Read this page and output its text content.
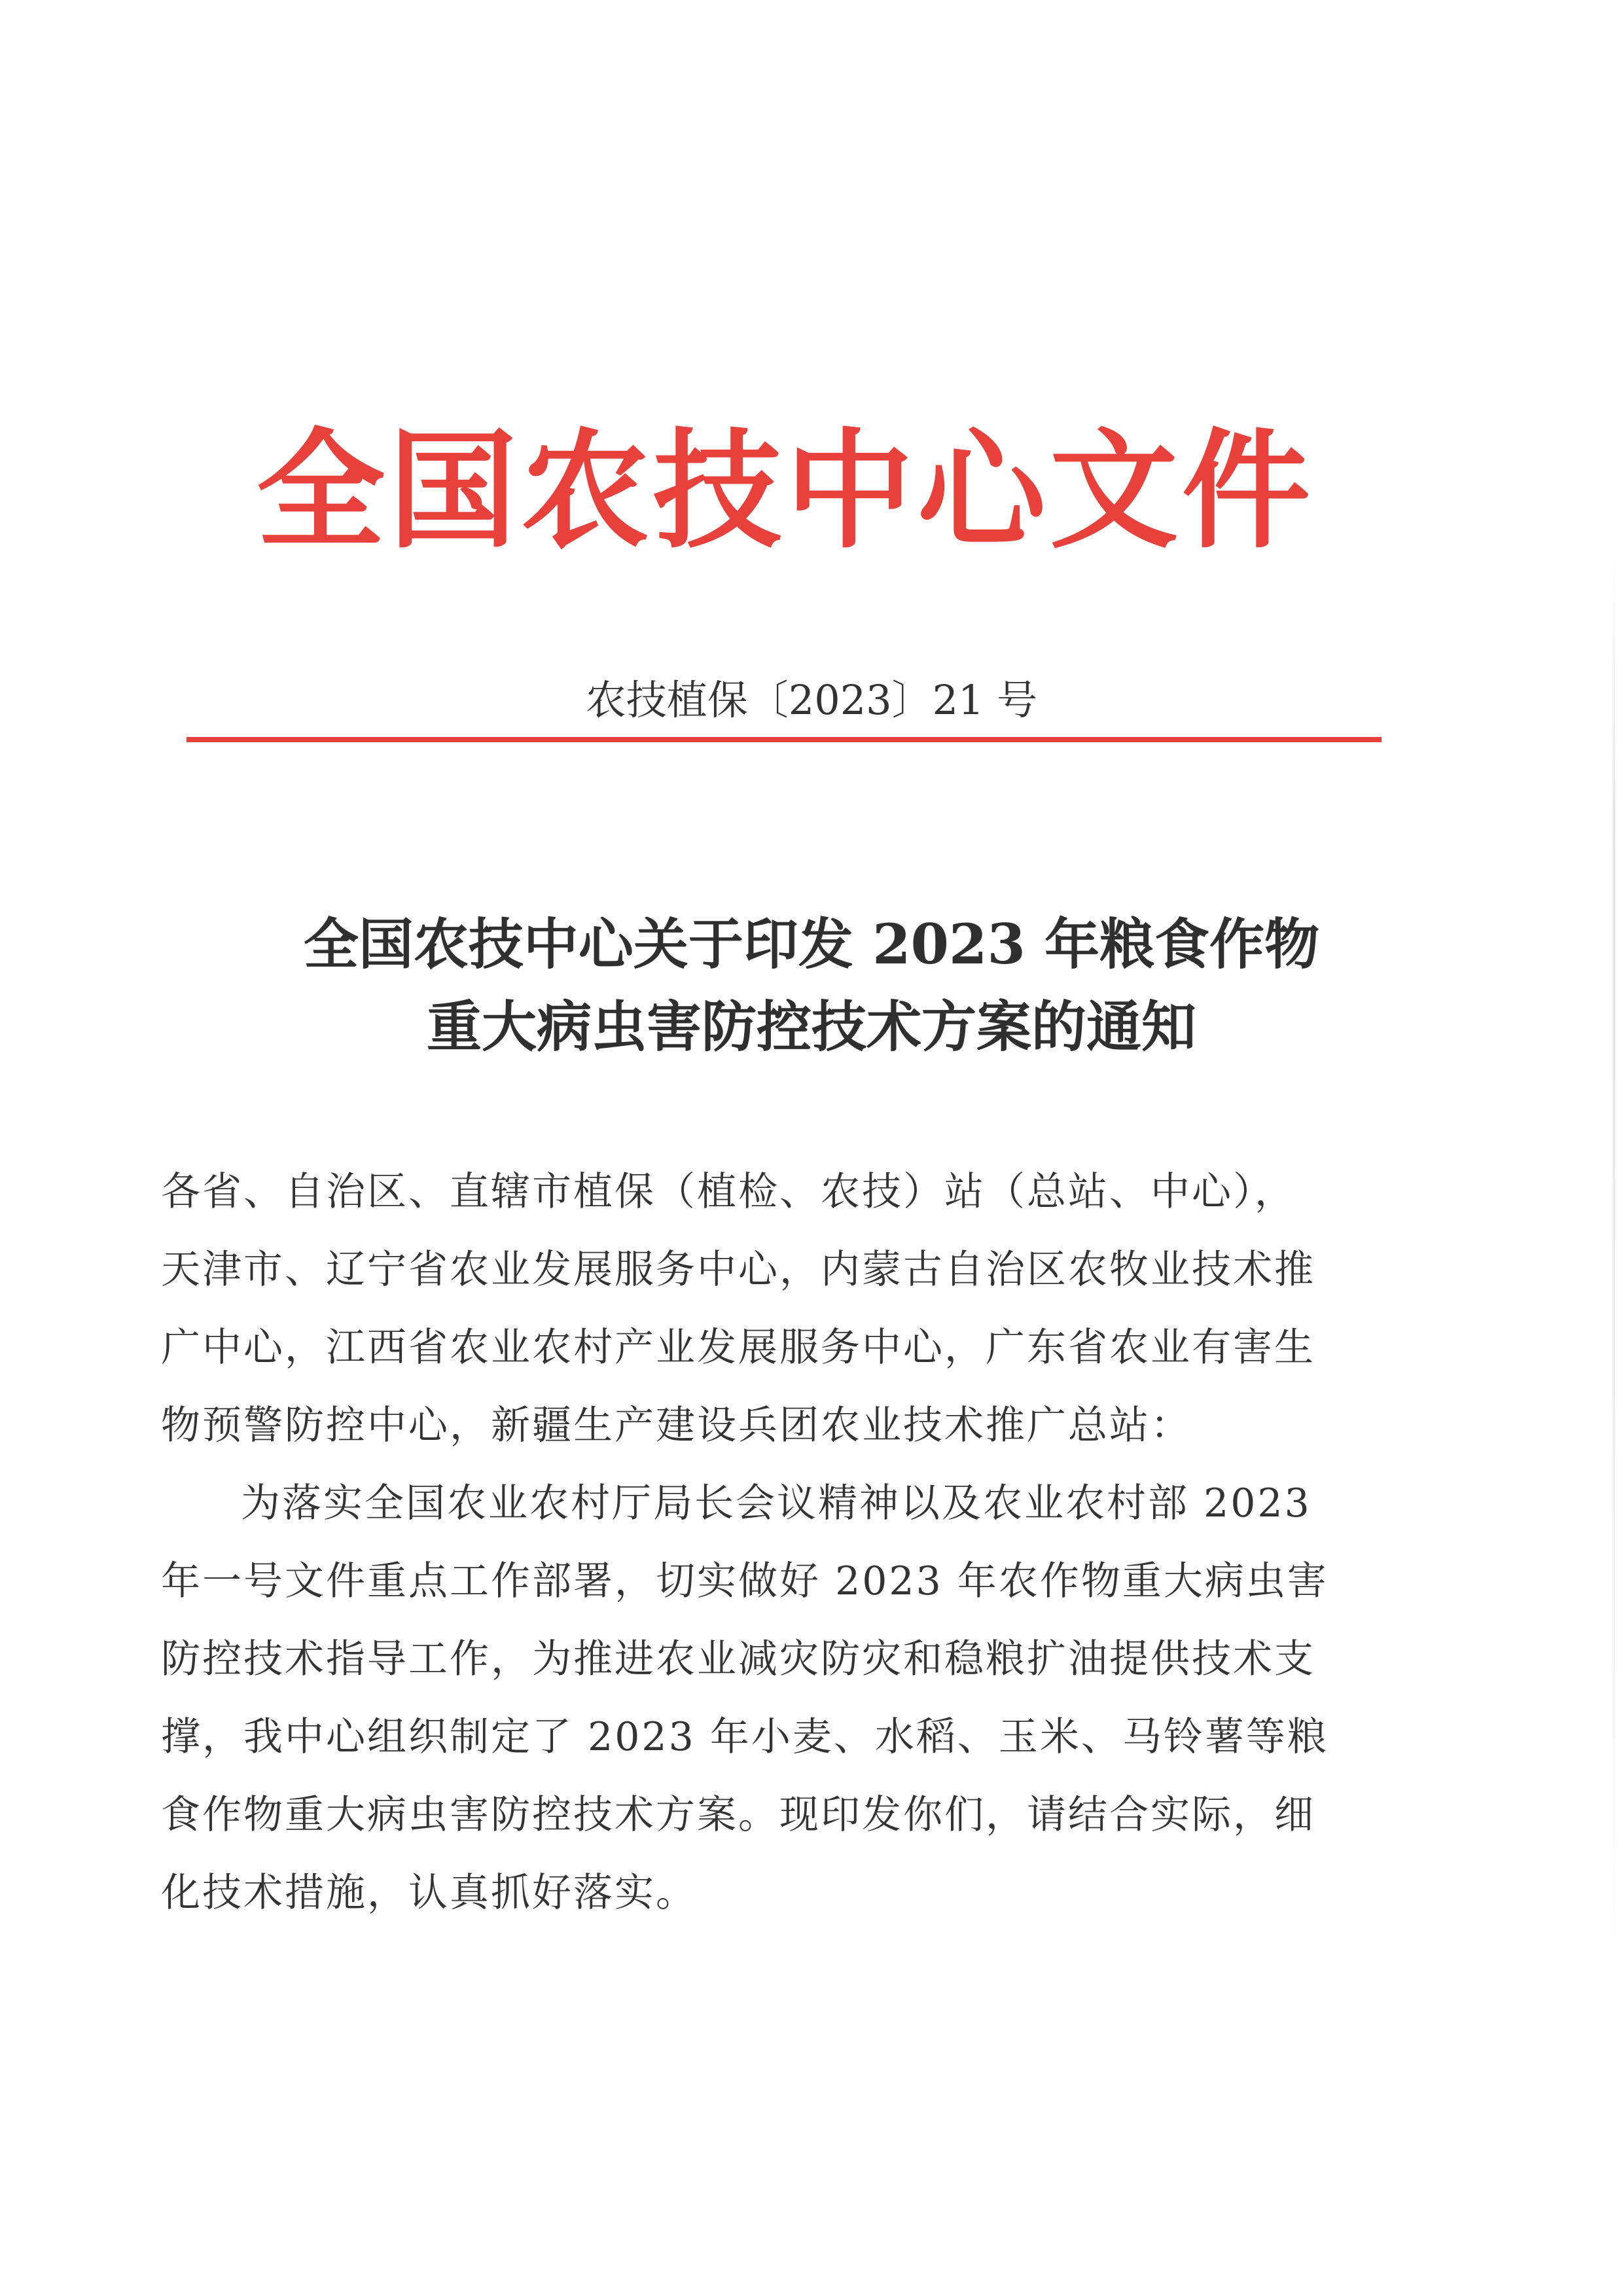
全国农技中心文件
农技植保〔2023〕21 号
全国农技中心关于印发 2023 年粮食作物
重大病虫害防控技术方案的通知
各省、自治区、直辖市植保（植检、农技）站（总站、中心），
天津市、辽宁省农业发展服务中心，内蒙古自治区农牧业技术推
广中心，江西省农业农村产业发展服务中心，广东省农业有害生
物预警防控中心，新疆生产建设兵团农业技术推广总站：
为落实全国农业农村厅局长会议精神以及农业农村部 2023
年一号文件重点工作部署，切实做好 2023 年农作物重大病虫害
防控技术指导工作，为推进农业减灾防灾和稳粮扩油提供技术支
撑，我中心组织制定了 2023 年小麦、水稻、玉米、马铃薯等粮
食作物重大病虫害防控技术方案。现印发你们，请结合实际，细
化技术措施，认真抓好落实。
